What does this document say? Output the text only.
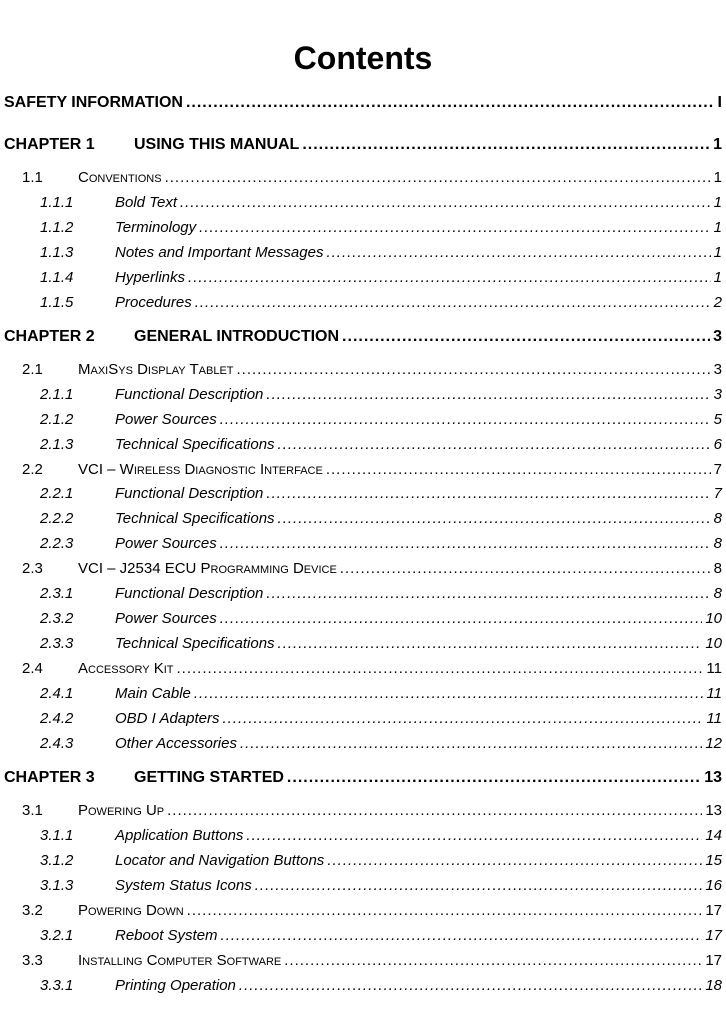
Contents
SAFETY INFORMATION .....	I
CHAPTER 1	USING THIS MANUAL .....	1
1.1	Conventions .....	1
1.1.1	Bold Text .....	1
1.1.2	Terminology .....	1
1.1.3	Notes and Important Messages .....	1
1.1.4	Hyperlinks .....	1
1.1.5	Procedures .....	2
CHAPTER 2	GENERAL INTRODUCTION .....	3
2.1	MaxiSys Display Tablet .....	3
2.1.1	Functional Description .....	3
2.1.2	Power Sources .....	5
2.1.3	Technical Specifications .....	6
2.2	VCI – Wireless Diagnostic Interface .....	7
2.2.1	Functional Description .....	7
2.2.2	Technical Specifications .....	8
2.2.3	Power Sources .....	8
2.3	VCI – J2534 ECU Programming Device .....	8
2.3.1	Functional Description .....	8
2.3.2	Power Sources .....	10
2.3.3	Technical Specifications .....	10
2.4	Accessory Kit .....	11
2.4.1	Main Cable .....	11
2.4.2	OBD I Adapters .....	11
2.4.3	Other Accessories .....	12
CHAPTER 3	GETTING STARTED .....	13
3.1	Powering Up .....	13
3.1.1	Application Buttons .....	14
3.1.2	Locator and Navigation Buttons .....	15
3.1.3	System Status Icons .....	16
3.2	Powering Down .....	17
3.2.1	Reboot System .....	17
3.3	Installing Computer Software .....	17
3.3.1	Printing Operation .....	18
